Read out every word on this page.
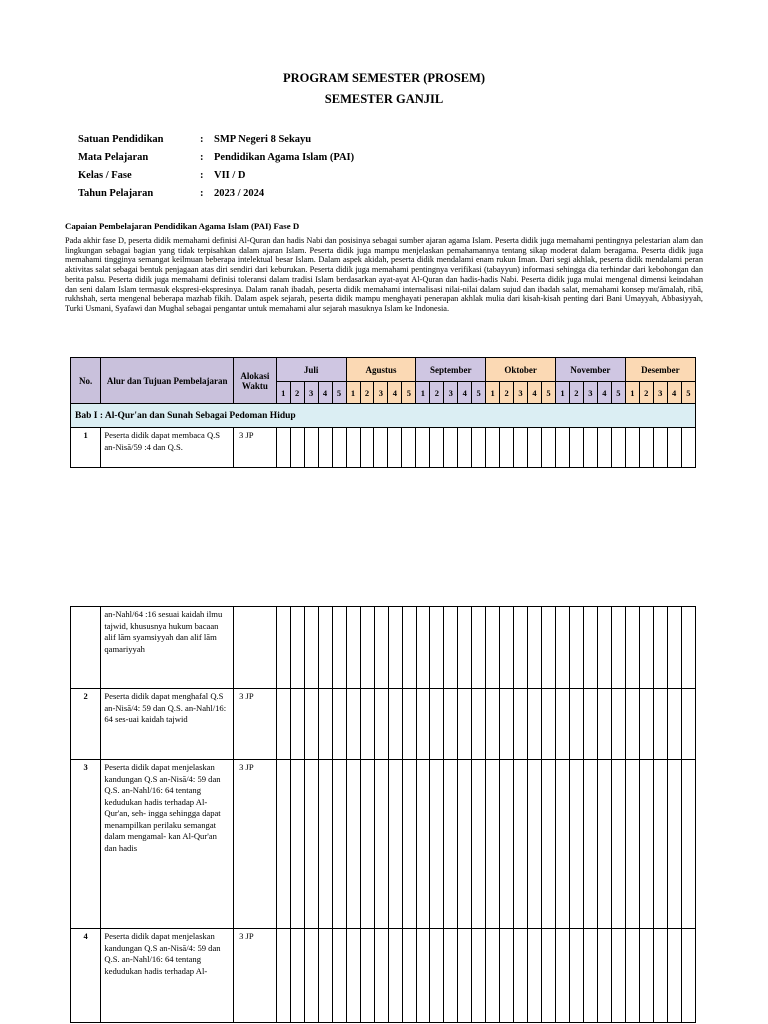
PROGRAM SEMESTER (PROSEM)
SEMESTER GANJIL
Satuan Pendidikan	:	SMP Negeri 8 Sekayu
Mata Pelajaran	:	Pendidikan Agama Islam (PAI)
Kelas / Fase	:	VII / D
Tahun Pelajaran	:	2023 / 2024
Capaian Pembelajaran Pendidikan Agama Islam (PAI) Fase D
Pada akhir fase D, peserta didik memahami definisi Al-Quran dan hadis Nabi dan posisinya sebagai sumber ajaran agama Islam. Peserta didik juga memahami pentingnya pelestarian alam dan lingkungan sebagai bagian yang tidak terpisahkan dalam ajaran Islam. Peserta didik juga mampu menjelaskan pemahamannya tentang sikap moderat dalam beragama. Peserta didik juga memahami tingginya semangat keilmuan beberapa intelektual besar Islam. Dalam aspek akidah, peserta didik mendalami enam rukun Iman. Dari segi akhlak, peserta didik mendalami peran aktivitas salat sebagai bentuk penjagaan atas diri sendiri dari keburukan. Peserta didik juga memahami pentingnya verifikasi (tabayyun) informasi sehingga dia terhindar dari kebohongan dan berita palsu. Peserta didik juga memahami definisi toleransi dalam tradisi Islam berdasarkan ayat-ayat Al-Quran dan hadis-hadis Nabi. Peserta didik juga mulai mengenal dimensi keindahan dan seni dalam Islam termasuk ekspresi-ekspresinya. Dalam ranah ibadah, peserta didik memahami internalisasi nilai-nilai dalam sujud dan ibadah salat, memahami konsep mu'āmalah, ribā, rukhshah, serta mengenal beberapa mazhab fikih. Dalam aspek sejarah, peserta didik mampu menghayati penerapan akhlak mulia dari kisah-kisah penting dari Bani Umayyah, Abbasiyyah, Turki Usmani, Syafawi dan Mughal sebagai pengantar untuk memahami alur sejarah masuknya Islam ke Indonesia.
No.	Alur dan Tujuan Pembelajaran	Alokasi Waktu	Juli					Agustus					September					Oktober					November					Desember				
			1	2	3	4	5	1	2	3	4	5	1	2	3	4	5	1	2	3	4	5	1	2	3	4	5	1	2	3	4	5
Bab I : Al-Qur'an dan Sunah Sebagai Pedoman Hidup																																
1	Peserta didik dapat membaca Q.S an-Nisā/59 :4 dan Q.S.	3 JP																														
	an-Nahl/64 :16 sesuai kaidah ilmu tajwid, khususnya hukum bacaan alif lām syamsiyyah dan alif lām qamariyyah																															
2	Peserta didik dapat menghafal Q.S an-Nisā/4: 59 dan Q.S. an-Nahl/16: 64 ses-uai kaidah tajwid	3 JP																														
3	Peserta didik dapat menjelaskan kandungan Q.S an-Nisā/4: 59 dan Q.S. an-Nahl/16: 64 tentang kedudukan hadis terhadap Al-Qur'an, seh- ingga sehingga dapat menampilkan perilaku semangat dalam mengamal- kan Al-Qur'an dan hadis	3 JP																														
4	Peserta didik dapat menjelaskan kandungan Q.S an-Nisā/4: 59 dan Q.S. an-Nahl/16: 64 tentang kedudukan hadis terhadap Al-	3 JP																														
